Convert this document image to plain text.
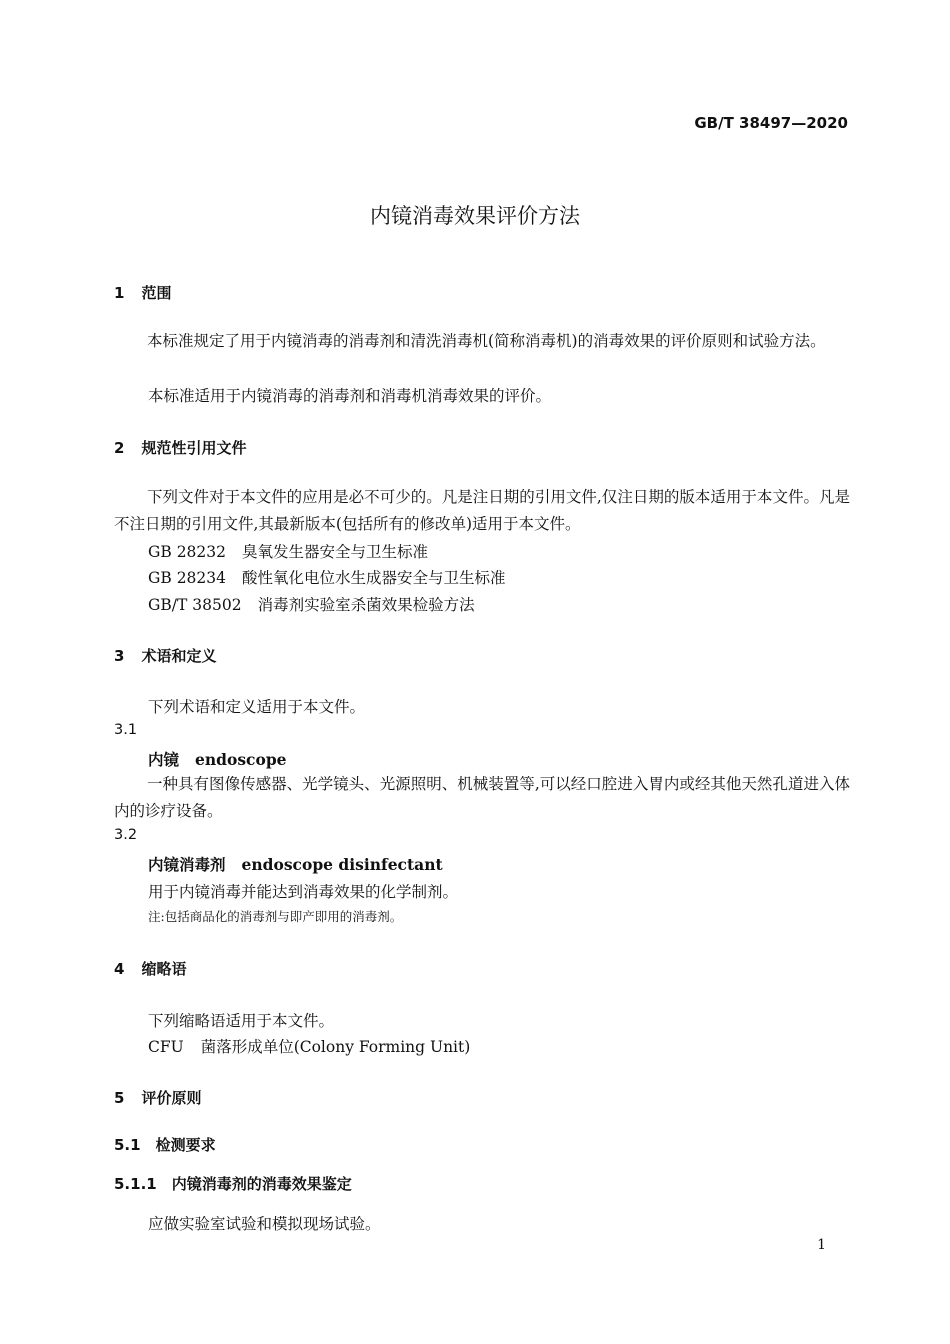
GB/T 38497—2020
内镜消毒效果评价方法
1 范围
本标准规定了用于内镜消毒的消毒剂和清洗消毒机(简称消毒机)的消毒效果的评价原则和试验方法。
本标准适用于内镜消毒的消毒剂和消毒机消毒效果的评价。
2 规范性引用文件
下列文件对于本文件的应用是必不可少的。凡是注日期的引用文件,仅注日期的版本适用于本文件。凡是不注日期的引用文件,其最新版本(包括所有的修改单)适用于本文件。
GB 28232 臭氧发生器安全与卫生标准
GB 28234 酸性氧化电位水生成器安全与卫生标准
GB/T 38502 消毒剂实验室杀菌效果检验方法
3 术语和定义
下列术语和定义适用于本文件。
3.1
内镜 endoscope
一种具有图像传感器、光学镜头、光源照明、机械装置等,可以经口腔进入胃内或经其他天然孔道进入体内的诊疗设备。
3.2
内镜消毒剂 endoscope disinfectant
用于内镜消毒并能达到消毒效果的化学制剂。
注:包括商品化的消毒剂与即产即用的消毒剂。
4 缩略语
下列缩略语适用于本文件。
CFU 菌落形成单位(Colony Forming Unit)
5 评价原则
5.1 检测要求
5.1.1 内镜消毒剂的消毒效果鉴定
应做实验室试验和模拟现场试验。
1
